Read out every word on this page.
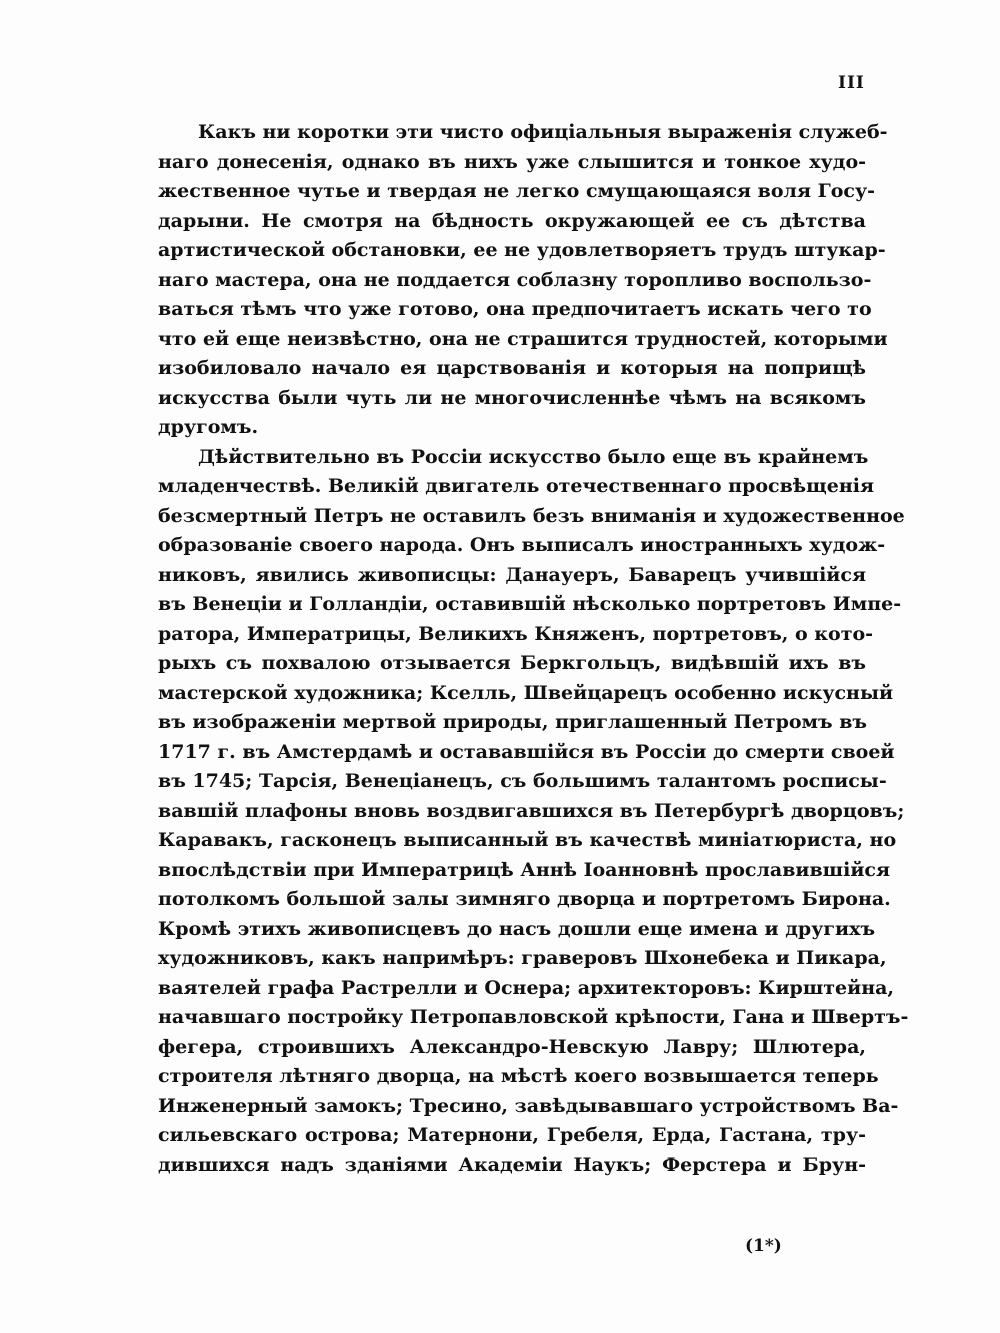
III

Какъ ни коротки эти чисто офиціальныя выраженія служеб-
наго донесенія, однако въ нихъ уже слышится и тонкое худо-
жественное чутье и твердая не легко смущающаяся воля Госу-
дарыни. Не смотря на бѣдность окружающей ее съ дѣтства
артистической обстановки, ее не удовлетворяетъ трудъ штукар-
наго мастера, она не поддается соблазну торопливо воспользо-
ваться тѣмъ что уже готово, она предпочитаетъ искать чего то
что ей еще неизвѣстно, она не страшится трудностей, которыми
изобиловало начало ея царствованія и которыя на поприщѣ
искусства были чуть ли не многочисленнѣе чѣмъ на всякомъ
другомъ.

Дѣйствительно въ Россіи искусство было еще въ крайнемъ
младенчествѣ. Великій двигатель отечественнаго просвѣщенія
безсмертный Петръ не оставилъ безъ вниманія и художественное
образованіе своего народа. Онъ выписалъ иностранныхъ худож-
никовъ, явились живописцы: Данауеръ, Баварецъ учившійся
въ Венеціи и Голландіи, оставившій нѣсколько портретовъ Импе-
ратора, Императрицы, Великихъ Княженъ, портретовъ, о кото-
рыхъ съ похвалою отзывается Беркгольцъ, видѣвшій ихъ въ
мастерской художника; Кселль, Швейцарецъ особенно искусный
въ изображеніи мертвой природы, приглашенный Петромъ въ
1717 г. въ Амстердамѣ и остававшійся въ Россіи до смерти своей
въ 1745; Тарсія, Венеціанецъ, съ большимъ талантомъ росписы-
вавшій плафоны вновь воздвигавшихся въ Петербургѣ дворцовъ;
Каравакъ, гасконецъ выписанный въ качествѣ миніатюриста, но
впослѣдствіи при Императрицѣ Аннѣ Іоанновнѣ прославившійся
потолкомъ большой залы зимняго дворца и портретомъ Бирона.
Кромѣ этихъ живописцевъ до насъ дошли еще имена и другихъ
художниковъ, какъ напримѣръ: граверовъ Шхонебека и Пикара,
ваятелей графа Растрелли и Оснера; архитекторовъ: Кирштейна,
начавшаго постройку Петропавловской крѣпости, Гана и Швертъ-
фегера, строившихъ Александро-Невскую Лавру; Шлютера,
строителя лѣтняго дворца, на мѣстѣ коего возвышается теперь
Инженерный замокъ; Тресино, завѣдывавшаго устройствомъ Ва-
сильевскаго острова; Матернони, Гребеля, Ерда, Гастана, тру-
дившихся надъ зданіями Академіи Наукъ; Ферстера и Брун-

(1*)
